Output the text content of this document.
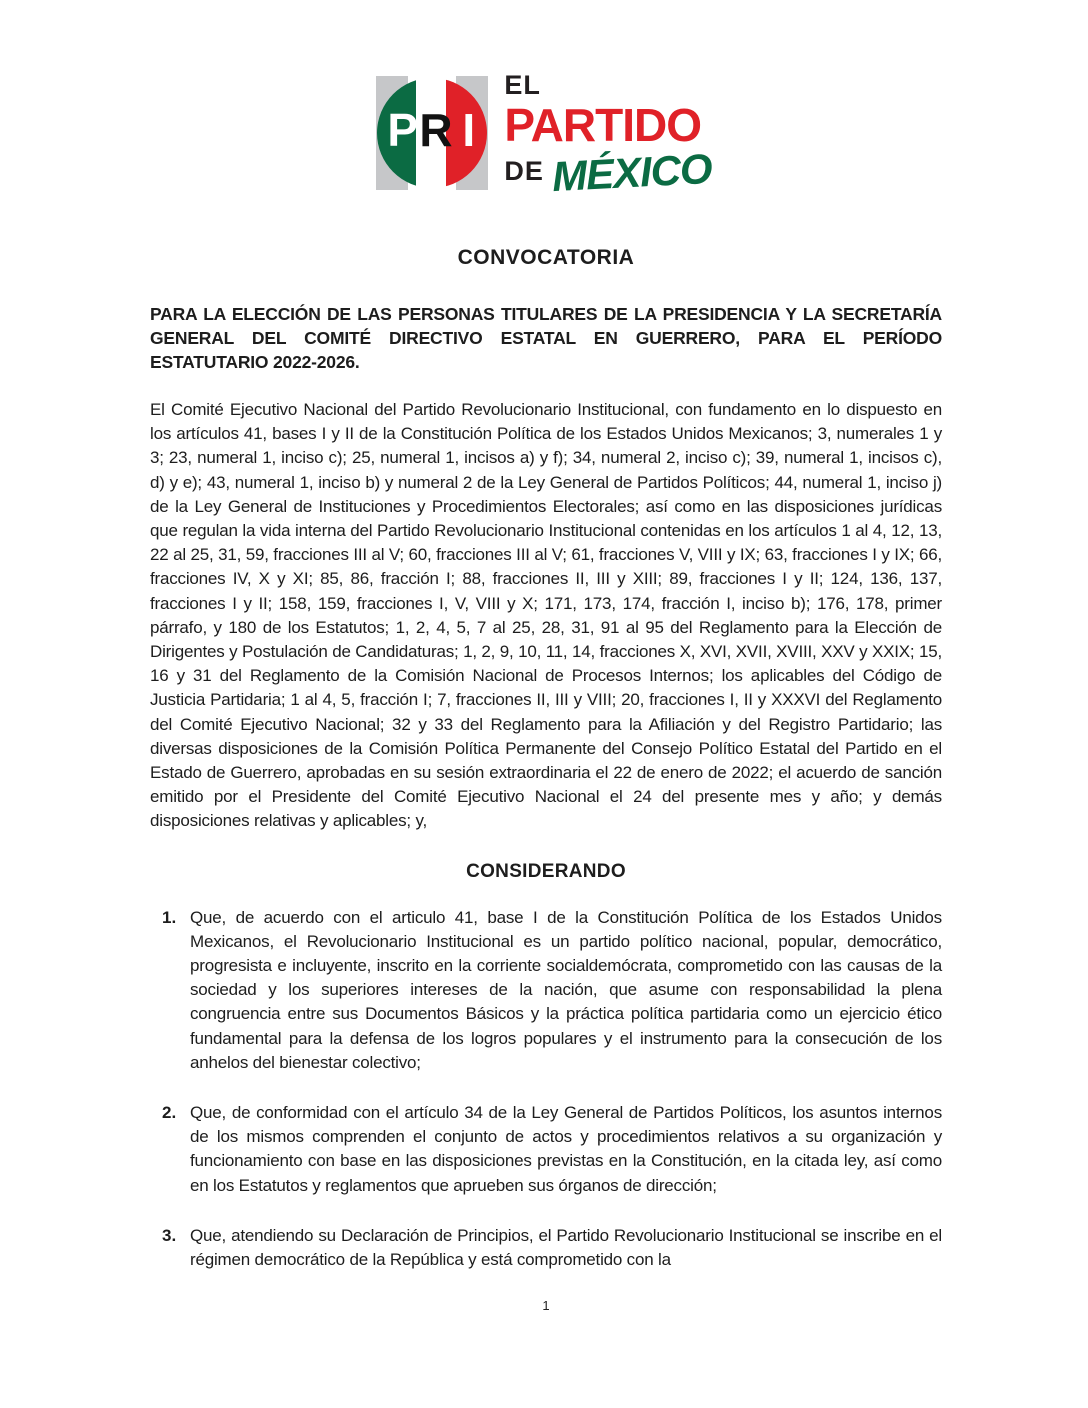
P R I
EL
PARTIDO
DE MÉXICO
CONVOCATORIA
PARA LA ELECCIÓN DE LAS PERSONAS TITULARES DE LA PRESIDENCIA Y LA SECRETARÍA GENERAL DEL COMITÉ DIRECTIVO ESTATAL EN GUERRERO, PARA EL PERÍODO ESTATUTARIO 2022-2026.
El Comité Ejecutivo Nacional del Partido Revolucionario Institucional, con fundamento en lo dispuesto en los artículos 41, bases I y II de la Constitución Política de los Estados Unidos Mexicanos; 3, numerales 1 y 3; 23, numeral 1, inciso c); 25, numeral 1, incisos a) y f); 34, numeral 2, inciso c); 39, numeral 1, incisos c), d) y e); 43, numeral 1, inciso b) y numeral 2 de la Ley General de Partidos Políticos; 44, numeral 1, inciso j) de la Ley General de Instituciones y Procedimientos Electorales; así como en las disposiciones jurídicas que regulan la vida interna del Partido Revolucionario Institucional contenidas en los artículos 1 al 4, 12, 13, 22 al 25, 31, 59, fracciones III al V; 60, fracciones III al V; 61, fracciones V, VIII y IX; 63, fracciones I y IX; 66, fracciones IV, X y XI; 85, 86, fracción I; 88, fracciones II, III y XIII; 89, fracciones I y II; 124, 136, 137, fracciones I y II; 158, 159, fracciones I, V, VIII y X; 171, 173, 174, fracción I, inciso b); 176, 178, primer párrafo, y 180 de los Estatutos; 1, 2, 4, 5, 7 al 25, 28, 31, 91 al 95 del Reglamento para la Elección de Dirigentes y Postulación de Candidaturas; 1, 2, 9, 10, 11, 14, fracciones X, XVI, XVII, XVIII, XXV y XXIX; 15, 16 y 31 del Reglamento de la Comisión Nacional de Procesos Internos; los aplicables del Código de Justicia Partidaria; 1 al 4, 5, fracción I; 7, fracciones II, III y VIII; 20, fracciones I, II y XXXVI del Reglamento del Comité Ejecutivo Nacional; 32 y 33 del Reglamento para la Afiliación y del Registro Partidario; las diversas disposiciones de la Comisión Política Permanente del Consejo Político Estatal del Partido en el Estado de Guerrero, aprobadas en su sesión extraordinaria el 22 de enero de 2022; el acuerdo de sanción emitido por el Presidente del Comité Ejecutivo Nacional el 24 del presente mes y año; y demás disposiciones relativas y aplicables; y,
CONSIDERANDO
1. Que, de acuerdo con el articulo 41, base I de la Constitución Política de los Estados Unidos Mexicanos, el Revolucionario Institucional es un partido político nacional, popular, democrático, progresista e incluyente, inscrito en la corriente socialdemócrata, comprometido con las causas de la sociedad y los superiores intereses de la nación, que asume con responsabilidad la plena congruencia entre sus Documentos Básicos y la práctica política partidaria como un ejercicio ético fundamental para la defensa de los logros populares y el instrumento para la consecución de los anhelos del bienestar colectivo;
2. Que, de conformidad con el artículo 34 de la Ley General de Partidos Políticos, los asuntos internos de los mismos comprenden el conjunto de actos y procedimientos relativos a su organización y funcionamiento con base en las disposiciones previstas en la Constitución, en la citada ley, así como en los Estatutos y reglamentos que aprueben sus órganos de dirección;
3. Que, atendiendo su Declaración de Principios, el Partido Revolucionario Institucional se inscribe en el régimen democrático de la República y está comprometido con la
1
